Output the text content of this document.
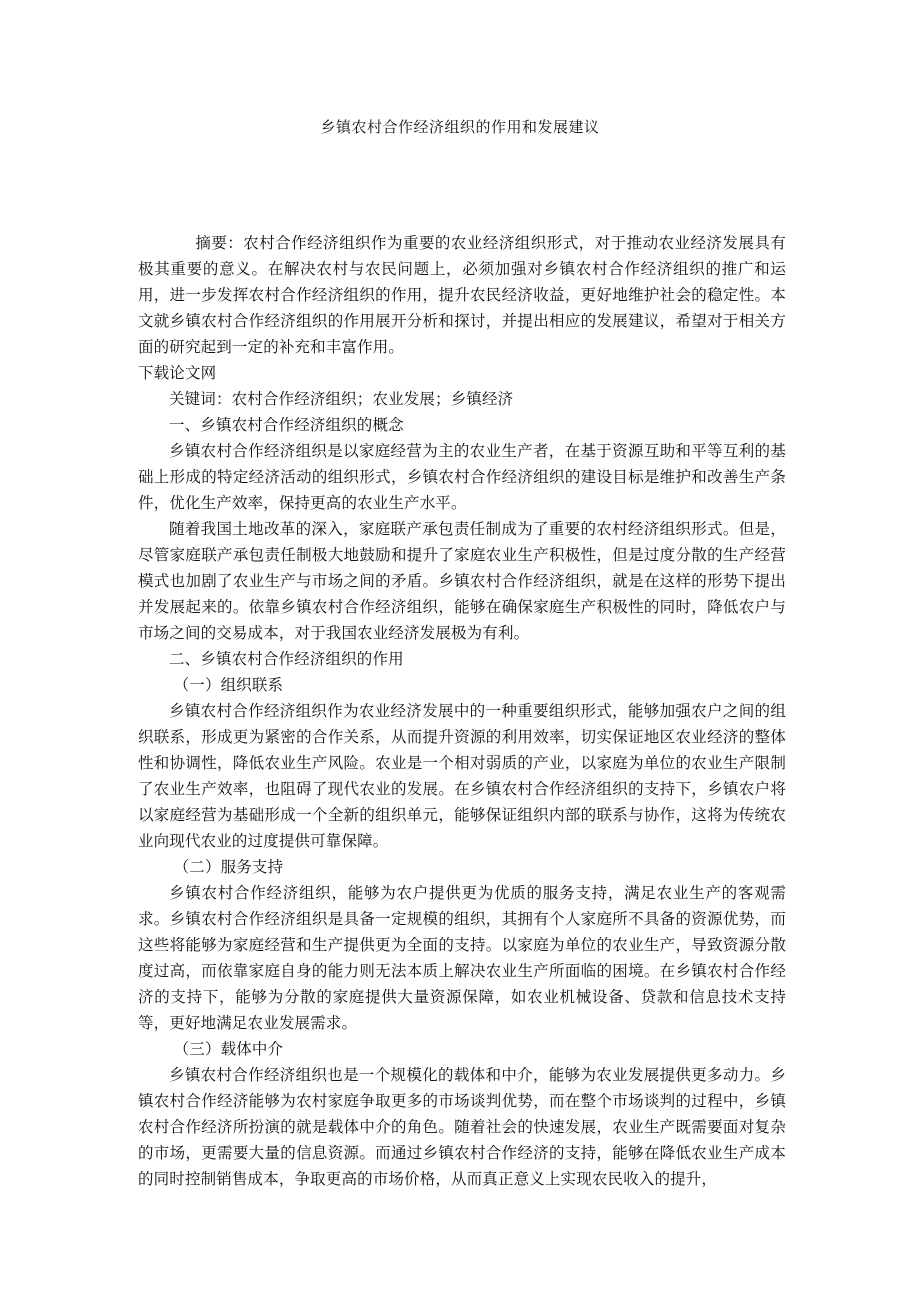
乡镇农村合作经济组织的作用和发展建议

摘要：农村合作经济组织作为重要的农业经济组织形式，对于推动农业经济发展具有极其重要的意义。在解决农村与农民问题上，必须加强对乡镇农村合作经济组织的推广和运用，进一步发挥农村合作经济组织的作用，提升农民经济收益，更好地维护社会的稳定性。本文就乡镇农村合作经济组织的作用展开分析和探讨，并提出相应的发展建议，希望对于相关方面的研究起到一定的补充和丰富作用。

下载论文网

关键词：农村合作经济组织；农业发展；乡镇经济

一、乡镇农村合作经济组织的概念

乡镇农村合作经济组织是以家庭经营为主的农业生产者，在基于资源互助和平等互利的基础上形成的特定经济活动的组织形式，乡镇农村合作经济组织的建设目标是维护和改善生产条件，优化生产效率，保持更高的农业生产水平。

随着我国土地改革的深入，家庭联产承包责任制成为了重要的农村经济组织形式。但是，尽管家庭联产承包责任制极大地鼓励和提升了家庭农业生产积极性，但是过度分散的生产经营模式也加剧了农业生产与市场之间的矛盾。乡镇农村合作经济组织，就是在这样的形势下提出并发展起来的。依靠乡镇农村合作经济组织，能够在确保家庭生产积极性的同时，降低农户与市场之间的交易成本，对于我国农业经济发展极为有利。

二、乡镇农村合作经济组织的作用

（一）组织联系

乡镇农村合作经济组织作为农业经济发展中的一种重要组织形式，能够加强农户之间的组织联系，形成更为紧密的合作关系，从而提升资源的利用效率，切实保证地区农业经济的整体性和协调性，降低农业生产风险。农业是一个相对弱质的产业，以家庭为单位的农业生产限制了农业生产效率，也阻碍了现代农业的发展。在乡镇农村合作经济组织的支持下，乡镇农户将以家庭经营为基础形成一个全新的组织单元，能够保证组织内部的联系与协作，这将为传统农业向现代农业的过度提供可靠保障。

（二）服务支持

乡镇农村合作经济组织，能够为农户提供更为优质的服务支持，满足农业生产的客观需求。乡镇农村合作经济组织是具备一定规模的组织，其拥有个人家庭所不具备的资源优势，而这些将能够为家庭经营和生产提供更为全面的支持。以家庭为单位的农业生产，导致资源分散度过高，而依靠家庭自身的能力则无法本质上解决农业生产所面临的困境。在乡镇农村合作经济的支持下，能够为分散的家庭提供大量资源保障，如农业机械设备、贷款和信息技术支持等，更好地满足农业发展需求。

（三）载体中介

乡镇农村合作经济组织也是一个规模化的载体和中介，能够为农业发展提供更多动力。乡镇农村合作经济能够为农村家庭争取更多的市场谈判优势，而在整个市场谈判的过程中，乡镇农村合作经济所扮演的就是载体中介的角色。随着社会的快速发展，农业生产既需要面对复杂的市场，更需要大量的信息资源。而通过乡镇农村合作经济的支持，能够在降低农业生产成本的同时控制销售成本，争取更高的市场价格，从而真正意义上实现农民收入的提升，
